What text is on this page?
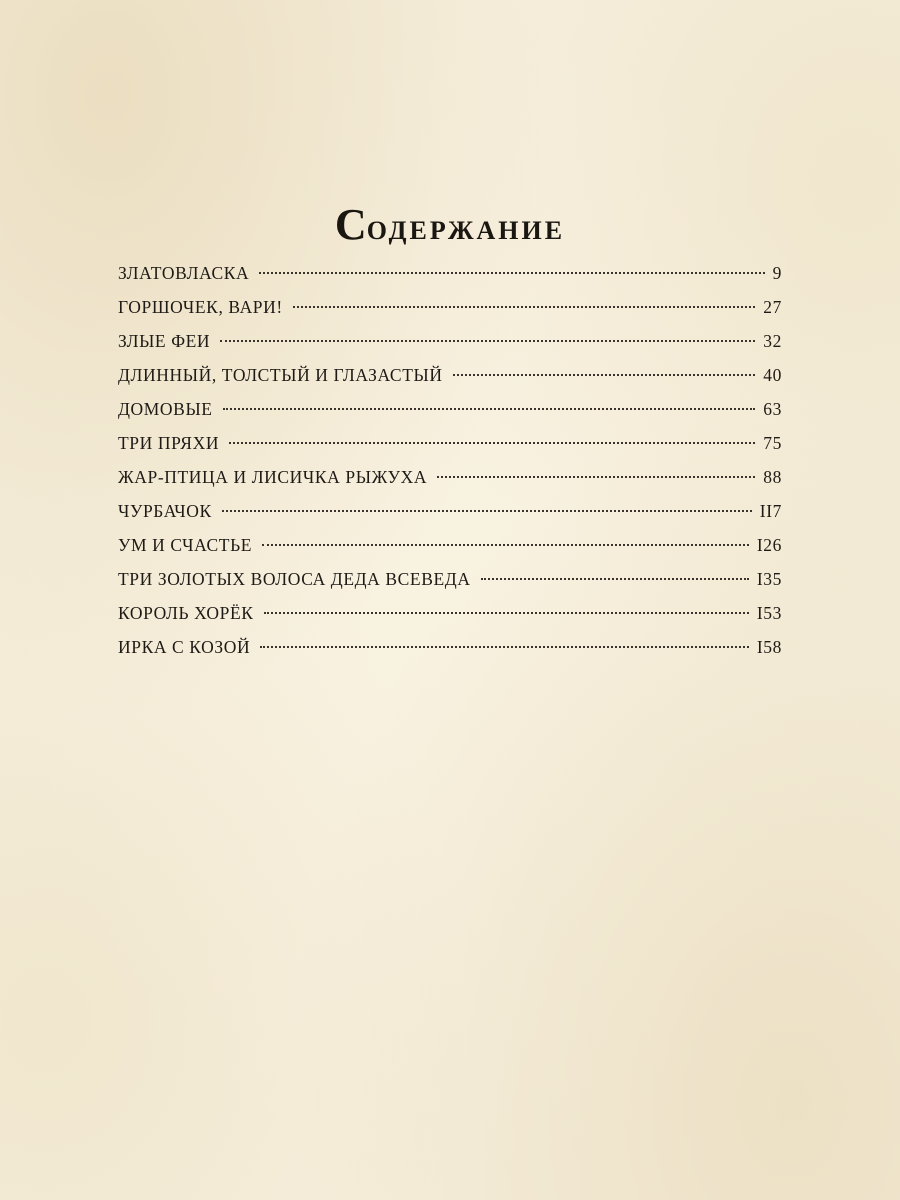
Содержание
ЗЛАТОВЛАСКА	9
ГОРШОЧЕК, ВАРИ!	27
ЗЛЫЕ ФЕИ	32
ДЛИННЫЙ, ТОЛСТЫЙ И ГЛАЗАСТЫЙ	40
ДОМОВЫЕ	63
ТРИ ПРЯХИ	75
ЖАР-ПТИЦА И ЛИСИЧКА РЫЖУХА	88
ЧУРБАЧОК	II7
УМ И СЧАСТЬЕ	I26
ТРИ ЗОЛОТЫХ ВОЛОСА ДЕДА ВСЕВЕДА	I35
КОРОЛЬ ХОРЁК	I53
ИРКА С КОЗОЙ	I58
